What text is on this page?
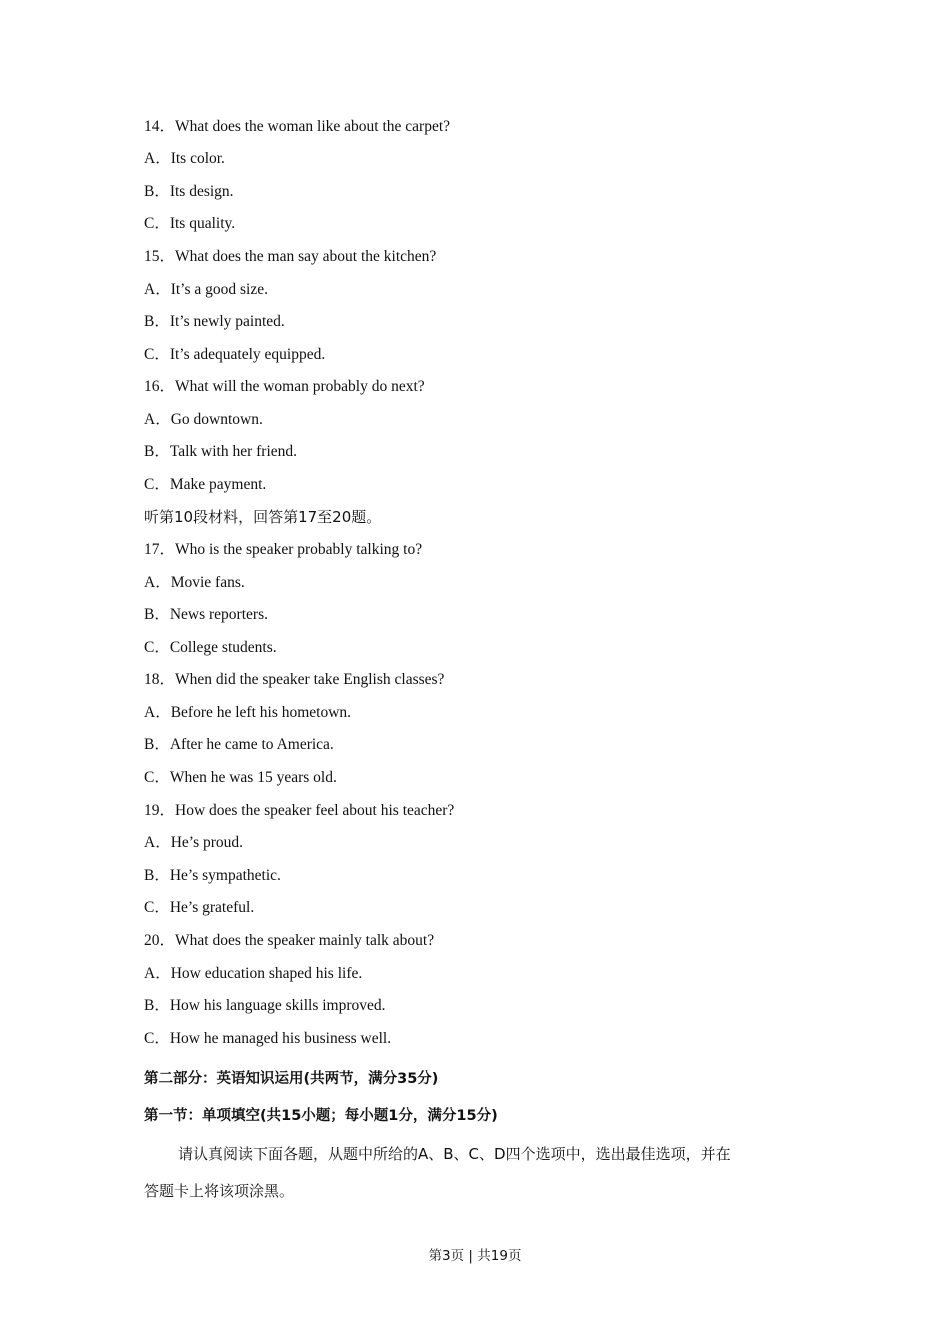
14．What does the woman like about the carpet?
A．Its color.
B．Its design.
C．Its quality.
15．What does the man say about the kitchen?
A．It’s a good size.
B．It’s newly painted.
C．It’s adequately equipped.
16．What will the woman probably do next?
A．Go downtown.
B．Talk with her friend.
C．Make payment.
听第10段材料，回答第17至20题。
17．Who is the speaker probably talking to?
A．Movie fans.
B．News reporters.
C．College students.
18．When did the speaker take English classes?
A．Before he left his hometown.
B．After he came to America.
C．When he was 15 years old.
19．How does the speaker feel about his teacher?
A．He’s proud.
B．He’s sympathetic.
C．He’s grateful.
20．What does the speaker mainly talk about?
A．How education shaped his life.
B．How his language skills improved.
C．How he managed his business well.
第二部分：英语知识运用(共两节，满分35分)
第一节：单项填空(共15小题；每小题1分，满分15分)
请认真阅读下面各题，从题中所给的A、B、C、D四个选项中，选出最佳选项，并在
答题卡上将该项涂黑。
第3页 | 共19页
